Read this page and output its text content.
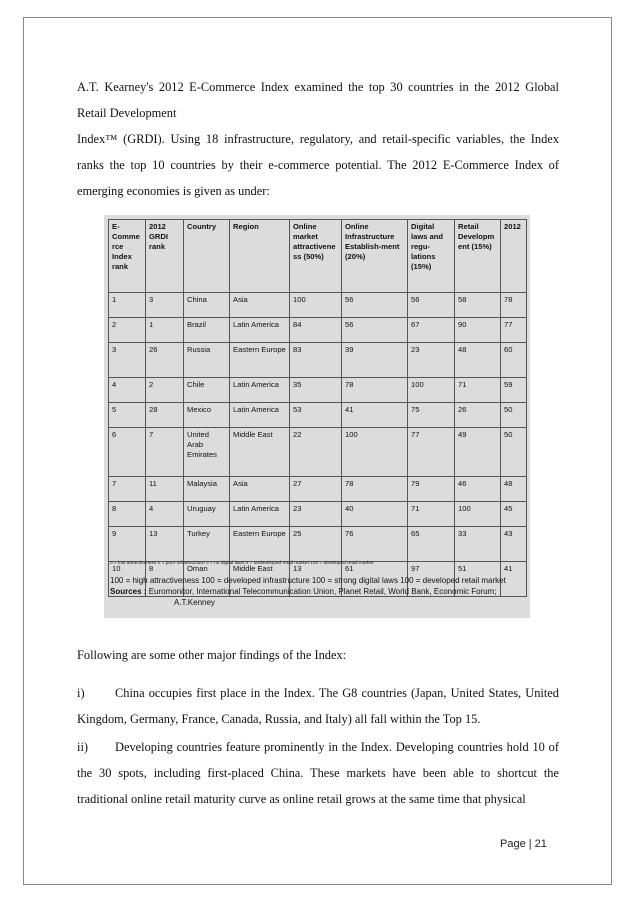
A.T. Kearney's 2012 E-Commerce Index examined the top 30 countries in the 2012 Global Retail Development

Index™ (GRDI). Using 18 infrastructure, regulatory, and retail-specific variables, the Index ranks the top 10 countries by their e-commerce potential. The 2012 E-Commerce Index of emerging economies is given as under:

E-Commerce Index rank	2012 GRDI rank	Country	Region	Online market attractiveness (50%)	Online Infrastructure Establish-ment (20%)	Digital laws and regu-lations (15%)	Retail Developm ent (15%)	2012
1	3	China	Asia	100	56	56	58	78
2	1	Brazil	Latin America	84	56	67	90	77
3	26	Russia	Eastern Europe	83	39	23	48	60
4	2	Chile	Latin America	35	78	100	71	59
5	28	Mexico	Latin America	53	41	75	26	50
6	7	United Arab Emirates	Middle East	22	100	77	49	50
7	11	Malaysia	Asia	27	78	79	46	48
8	4	Uruguay	Latin America	23	40	71	100	45
9	13	Turkey	Eastern Europe	25	76	65	33	43
10	8	Oman	Middle East	13	61	97	51	41
0 = low attractiveness 0 = poor infrastructure 0 = no digital laws 0 = undeveloped retail market 100 = developed retail market
100 = high attractiveness 100 = developed infrastructure 100 = strong digital laws 100 = developed retail market
Sources : Euromonitor, International Telecommunication Union, Planet Retail, World Bank, Economic Forum;
A.T.Kenney

Following are some other major findings of the Index:

i) China occupies first place in the Index. The G8 countries (Japan, United States, United Kingdom, Germany, France, Canada, Russia, and Italy) all fall within the Top 15.

ii) Developing countries feature prominently in the Index. Developing countries hold 10 of the 30 spots, including first-placed China. These markets have been able to shortcut the traditional online retail maturity curve as online retail grows at the same time that physical

Page | 21
